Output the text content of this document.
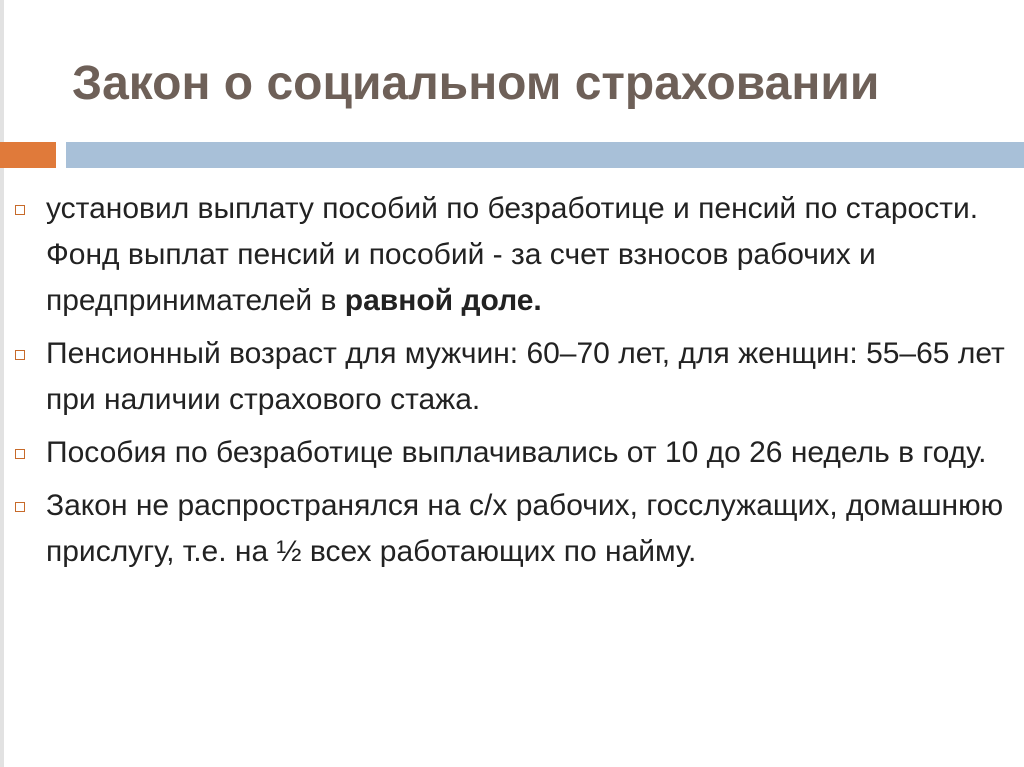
Закон о социальном страховании
установил выплату пособий по безработице и пенсий по старости. Фонд выплат пенсий и пособий - за счет взносов рабочих и предпринимателей в равной доле.
Пенсионный возраст для мужчин: 60–70 лет, для женщин: 55–65 лет при наличии страхового стажа.
Пособия по безработице выплачивались от 10 до 26 недель в году.
Закон не распространялся на с/х рабочих, госслужащих, домашнюю прислугу, т.е. на ½ всех работающих по найму.
